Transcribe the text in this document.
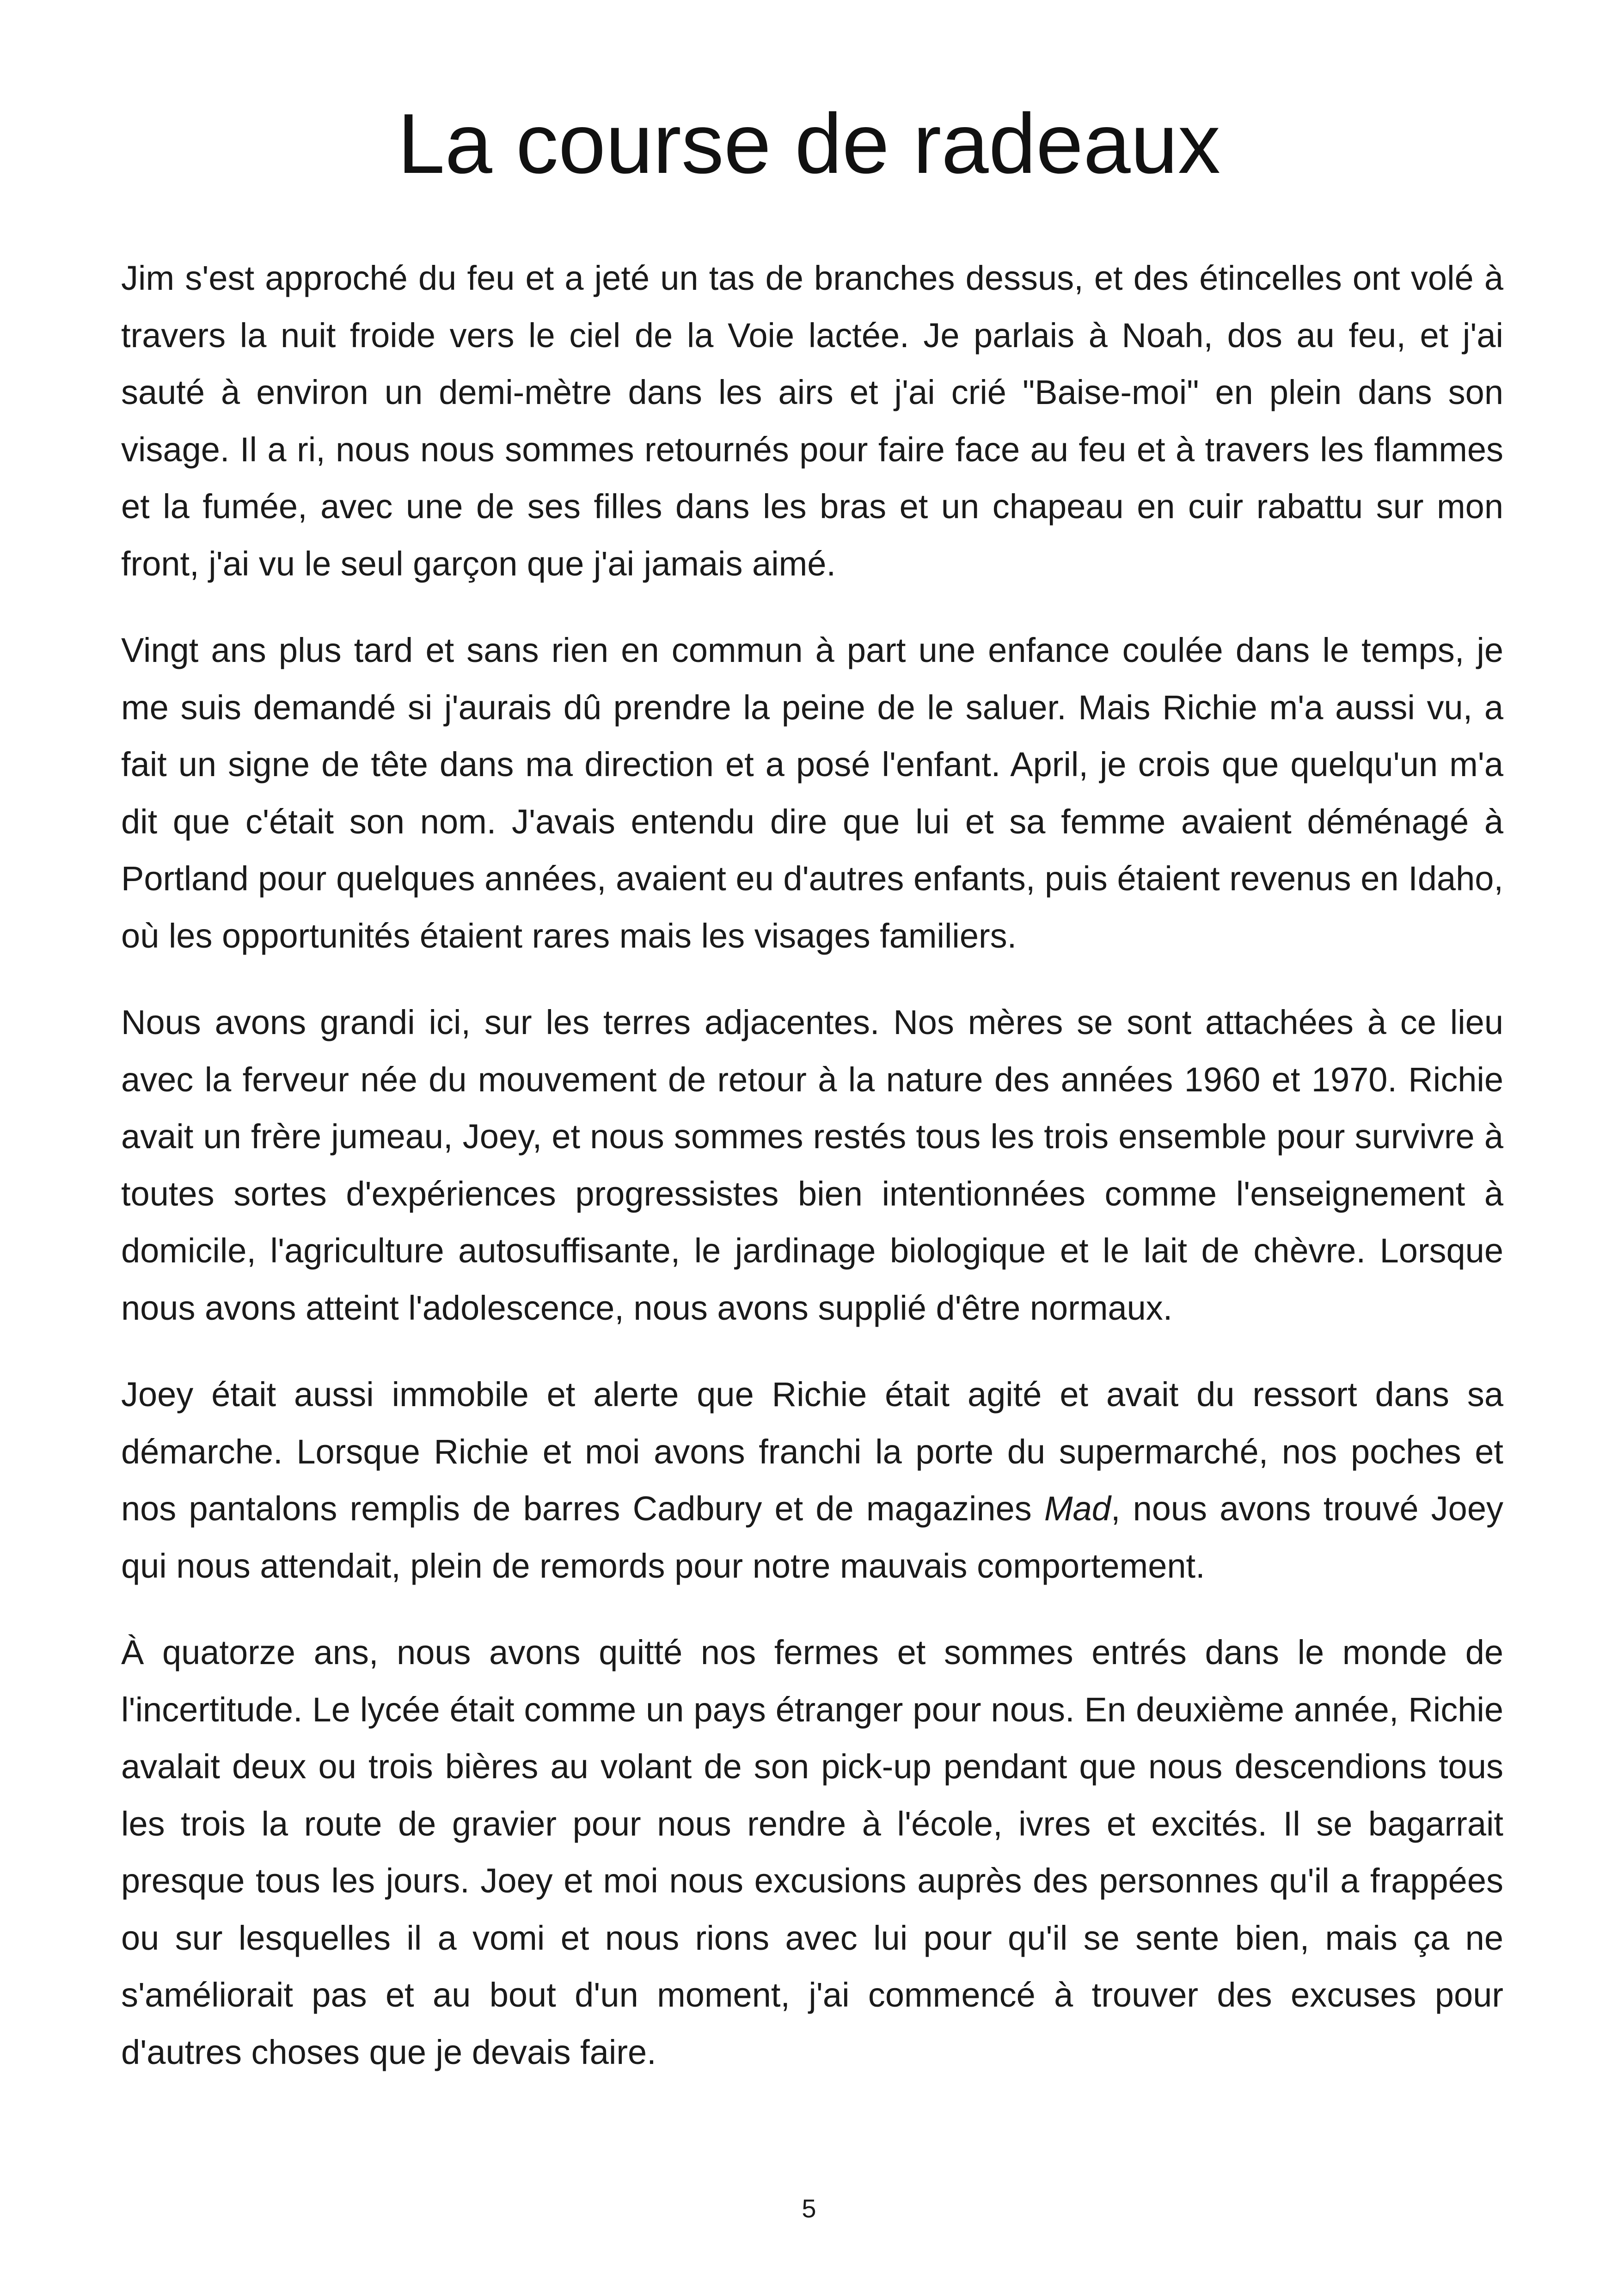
La course de radeaux

Jim s'est approché du feu et a jeté un tas de branches dessus, et des étincelles ont volé à travers la nuit froide vers le ciel de la Voie lactée. Je parlais à Noah, dos au feu, et j'ai sauté à environ un demi-mètre dans les airs et j'ai crié "Baise-moi" en plein dans son visage. Il a ri, nous nous sommes retournés pour faire face au feu et à travers les flammes et la fumée, avec une de ses filles dans les bras et un chapeau en cuir rabattu sur mon front, j'ai vu le seul garçon que j'ai jamais aimé.

Vingt ans plus tard et sans rien en commun à part une enfance coulée dans le temps, je me suis demandé si j'aurais dû prendre la peine de le saluer. Mais Richie m'a aussi vu, a fait un signe de tête dans ma direction et a posé l'enfant. April, je crois que quelqu'un m'a dit que c'était son nom. J'avais entendu dire que lui et sa femme avaient déménagé à Portland pour quelques années, avaient eu d'autres enfants, puis étaient revenus en Idaho, où les opportunités étaient rares mais les visages familiers.

Nous avons grandi ici, sur les terres adjacentes. Nos mères se sont attachées à ce lieu avec la ferveur née du mouvement de retour à la nature des années 1960 et 1970. Richie avait un frère jumeau, Joey, et nous sommes restés tous les trois ensemble pour survivre à toutes sortes d'expériences progressistes bien intentionnées comme l'enseignement à domicile, l'agriculture autosuffisante, le jardinage biologique et le lait de chèvre. Lorsque nous avons atteint l'adolescence, nous avons supplié d'être normaux.

Joey était aussi immobile et alerte que Richie était agité et avait du ressort dans sa démarche. Lorsque Richie et moi avons franchi la porte du supermarché, nos poches et nos pantalons remplis de barres Cadbury et de magazines Mad, nous avons trouvé Joey qui nous attendait, plein de remords pour notre mauvais comportement.

À quatorze ans, nous avons quitté nos fermes et sommes entrés dans le monde de l'incertitude. Le lycée était comme un pays étranger pour nous. En deuxième année, Richie avalait deux ou trois bières au volant de son pick-up pendant que nous descendions tous les trois la route de gravier pour nous rendre à l'école, ivres et excités. Il se bagarrait presque tous les jours. Joey et moi nous excusions auprès des personnes qu'il a frappées ou sur lesquelles il a vomi et nous rions avec lui pour qu'il se sente bien, mais ça ne s'améliorait pas et au bout d'un moment, j'ai commencé à trouver des excuses pour d'autres choses que je devais faire.

5
